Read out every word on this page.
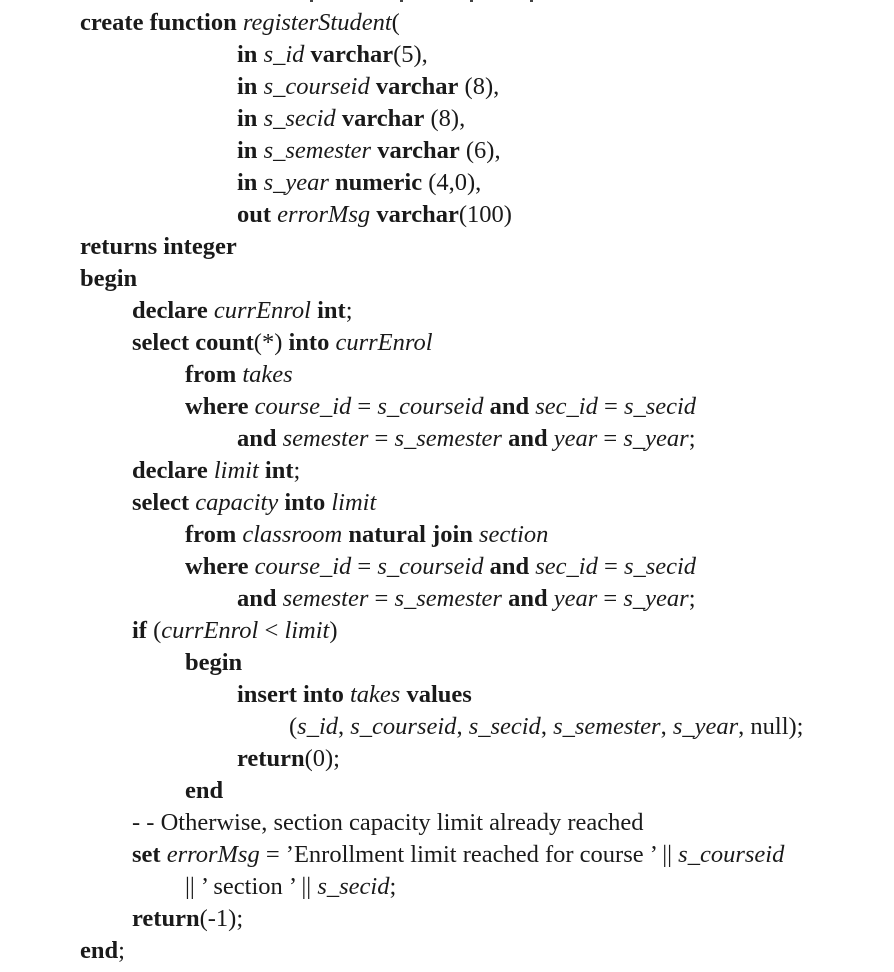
create function registerStudent(
in s_id varchar(5),
in s_courseid varchar (8),
in s_secid varchar (8),
in s_semester varchar (6),
in s_year numeric (4,0),
out errorMsg varchar(100)
returns integer
begin
declare currEnrol int;
select count(*) into currEnrol
from takes
where course_id = s_courseid and sec_id = s_secid
and semester = s_semester and year = s_year;
declare limit int;
select capacity into limit
from classroom natural join section
where course_id = s_courseid and sec_id = s_secid
and semester = s_semester and year = s_year;
if (currEnrol < limit)
begin
insert into takes values
(s_id, s_courseid, s_secid, s_semester, s_year, null);
return(0);
end
- - Otherwise, section capacity limit already reached
set errorMsg = ’Enrollment limit reached for course ’ || s_courseid
|| ’ section ’ || s_secid;
return(-1);
end;
